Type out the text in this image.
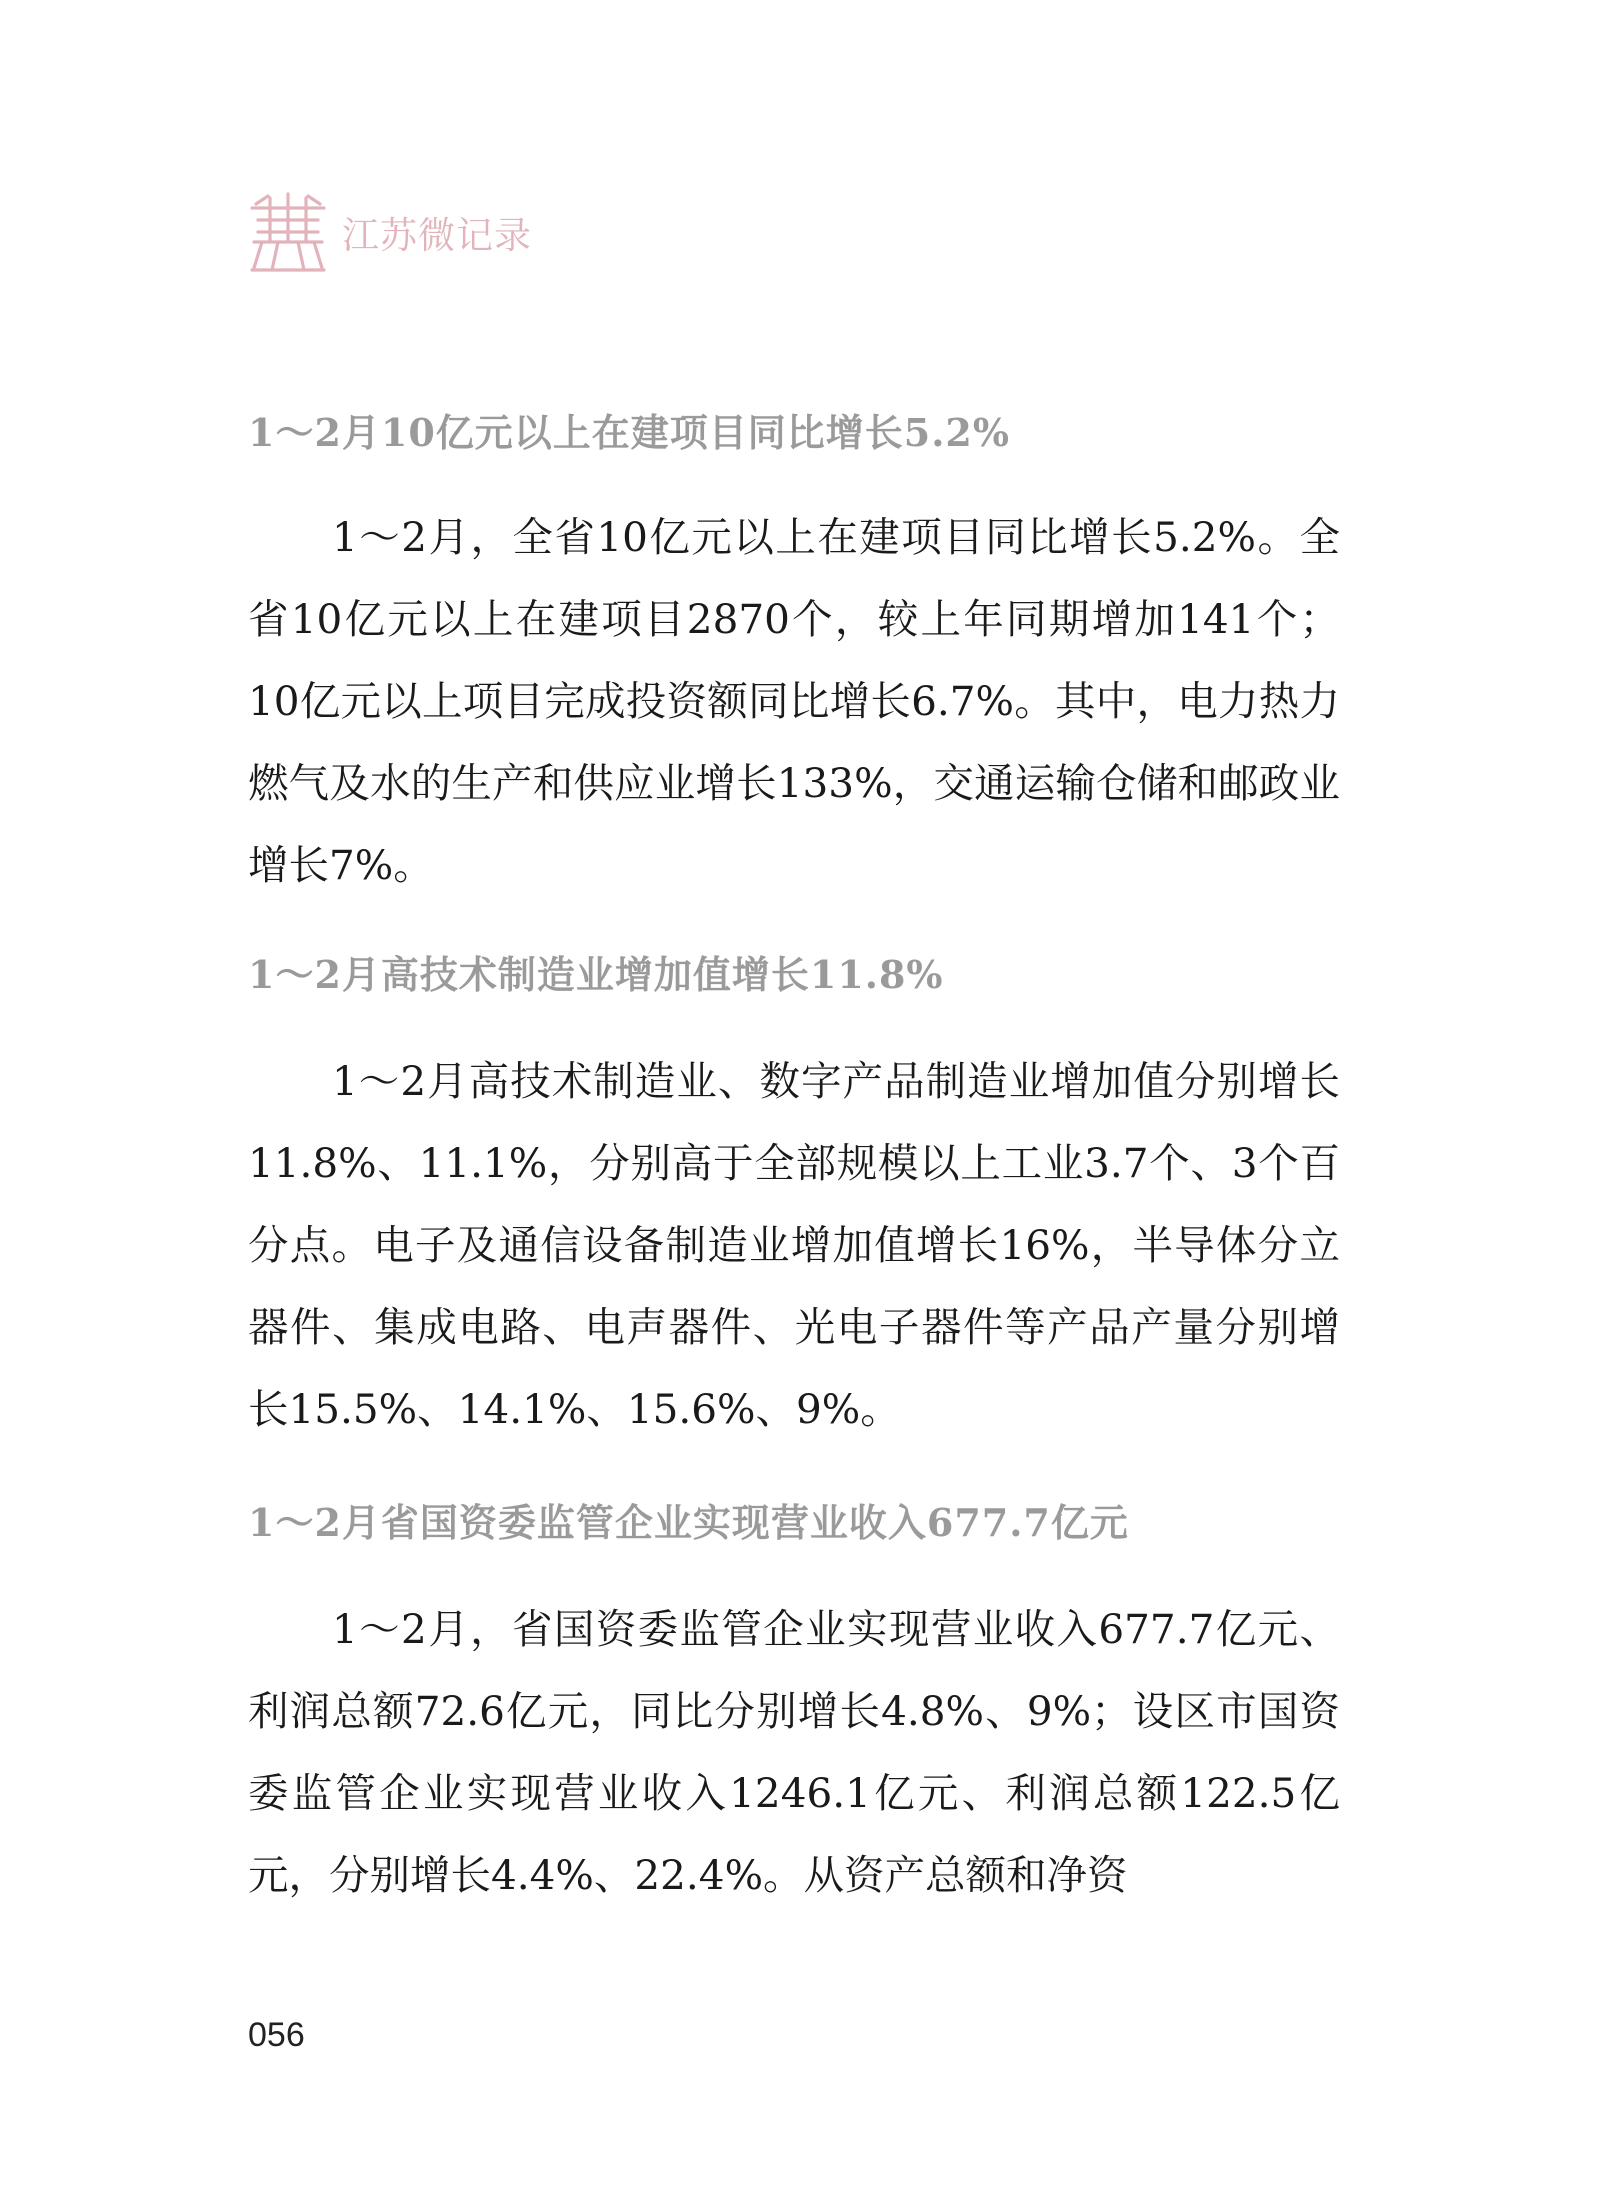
江苏微记录
1～2月10亿元以上在建项目同比增长5.2%

1～2月，全省10亿元以上在建项目同比增长5.2%。全省10亿元以上在建项目2870个，较上年同期增加141个；10亿元以上项目完成投资额同比增长6.7%。其中，电力热力燃气及水的生产和供应业增长133%，交通运输仓储和邮政业增长7%。

1～2月高技术制造业增加值增长11.8%

1～2月高技术制造业、数字产品制造业增加值分别增长11.8%、11.1%，分别高于全部规模以上工业3.7个、3个百分点。电子及通信设备制造业增加值增长16%，半导体分立器件、集成电路、电声器件、光电子器件等产品产量分别增长15.5%、14.1%、15.6%、9%。

1～2月省国资委监管企业实现营业收入677.7亿元

1～2月，省国资委监管企业实现营业收入677.7亿元、利润总额72.6亿元，同比分别增长4.8%、9%；设区市国资委监管企业实现营业收入1246.1亿元、利润总额122.5亿元，分别增长4.4%、22.4%。从资产总额和净资

056
